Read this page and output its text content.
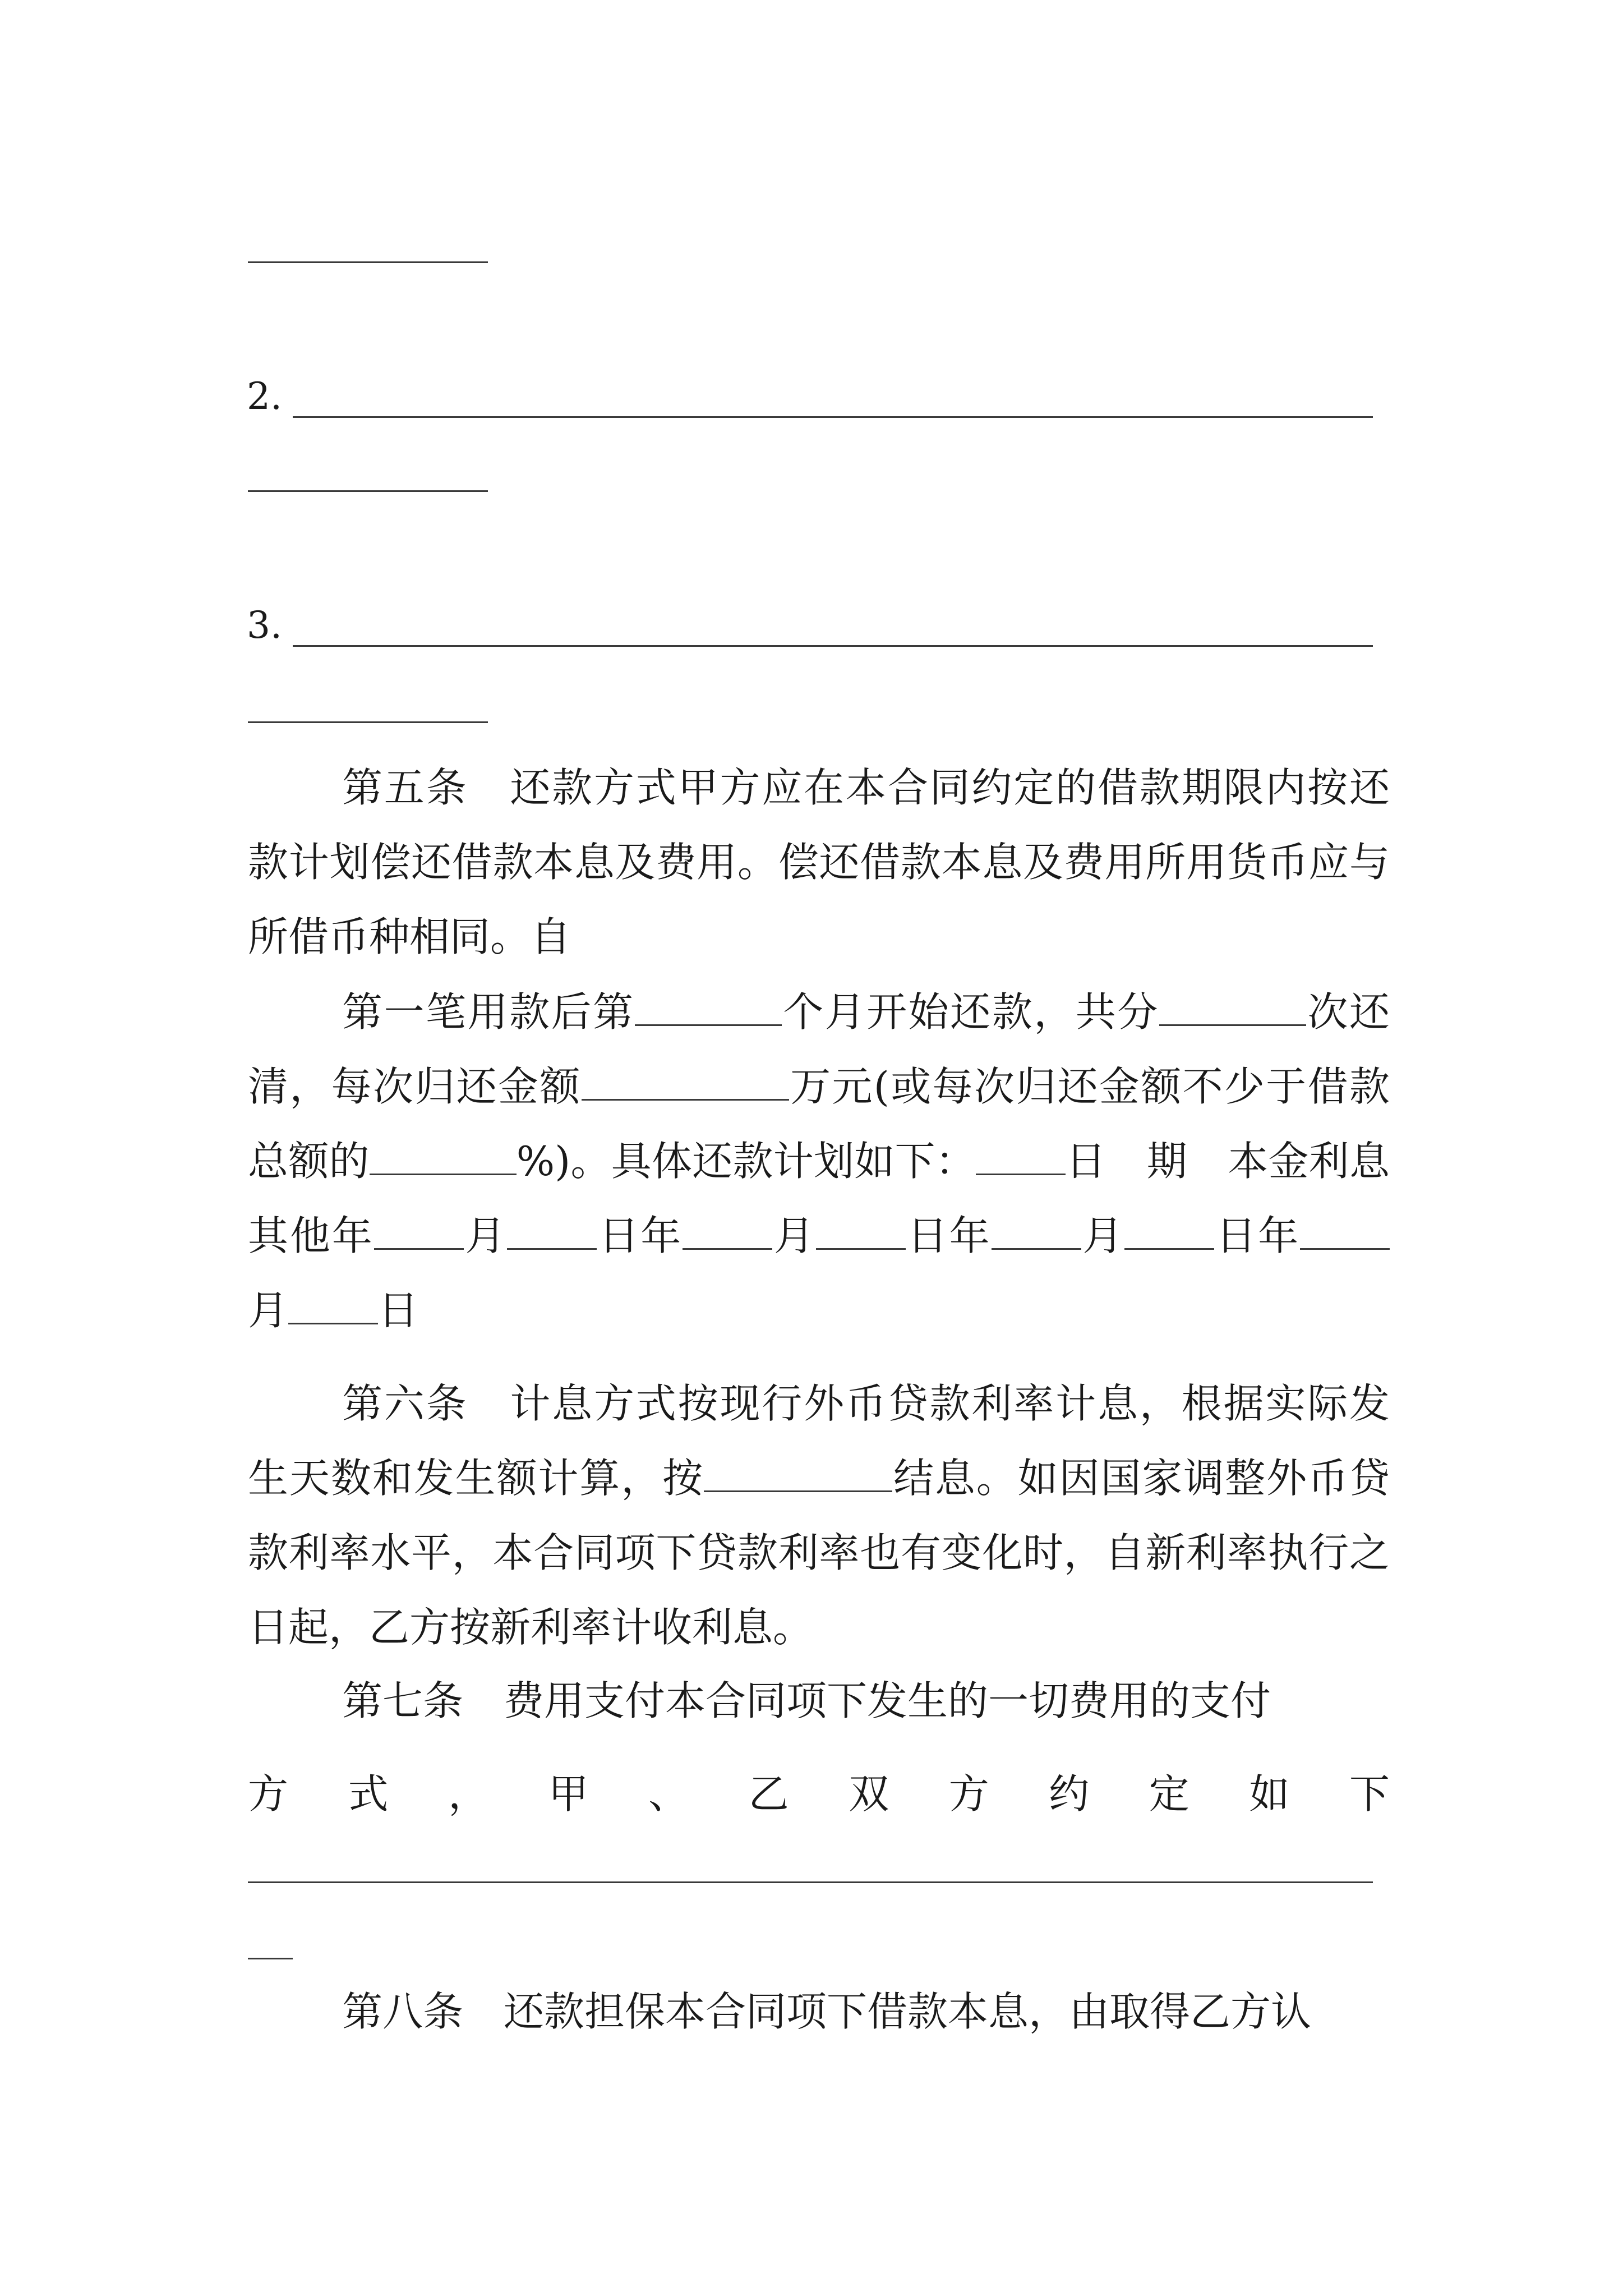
2.
3.

第五条　还款方式甲方应在本合同约定的借款期限内按还款计划偿还借款本息及费用。偿还借款本息及费用所用货币应与所借币种相同。自

第一笔用款后第	个月开始还款，共分	次还清，每次归还金额	万元(或每次归还金额不少于借款总额的	%)。具体还款计划如下： 日　期　本金利息其他年 月 日年 月 日年 月 日年月 日

第六条　计息方式按现行外币贷款利率计息，根据实际发生天数和发生额计算，按	结息。如因国家调整外币贷款利率水平，本合同项下贷款利率也有变化时，自新利率执行之日起，乙方按新利率计收利息。

第七条　费用支付本合同项下发生的一切费用的支付

方 式 ， 甲 、 乙 双 方 约 定 如 下

第八条　还款担保本合同项下借款本息，由取得乙方认
